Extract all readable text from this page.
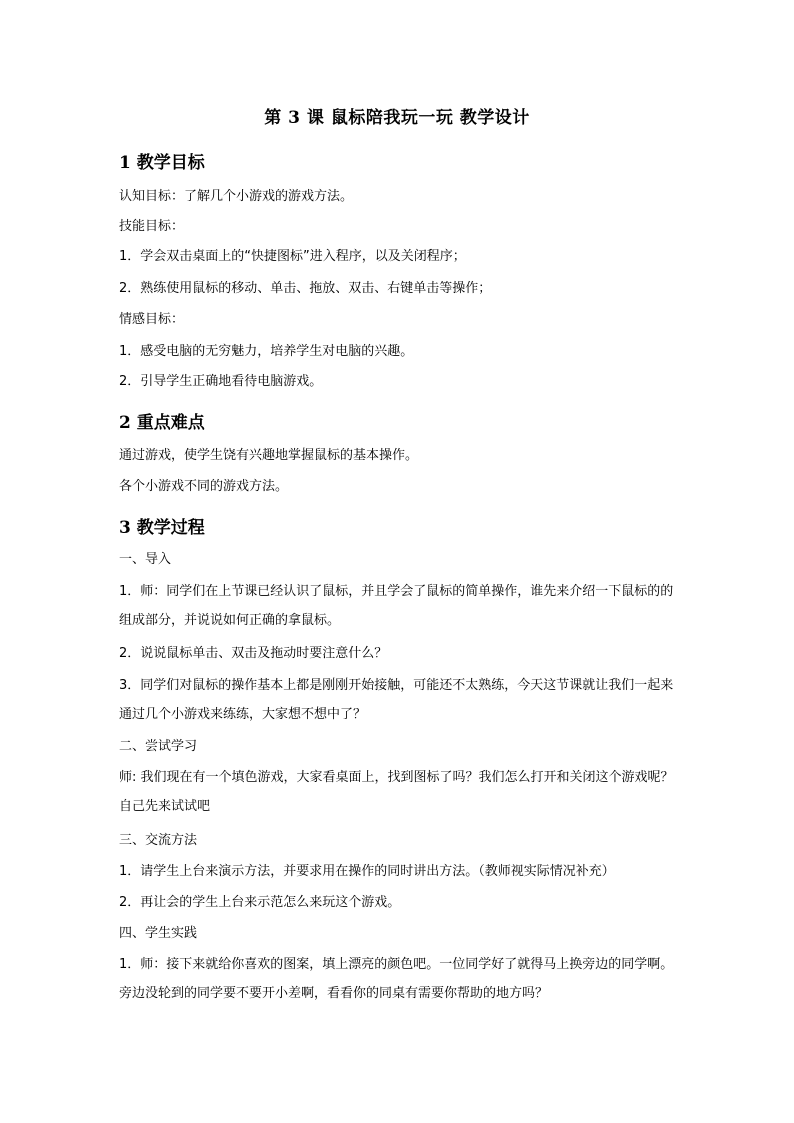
第 3 课 鼠标陪我玩一玩 教学设计
1 教学目标
认知目标：了解几个小游戏的游戏方法。
技能目标：
1．学会双击桌面上的“快捷图标”进入程序，以及关闭程序；
2．熟练使用鼠标的移动、单击、拖放、双击、右键单击等操作；
情感目标：
1．感受电脑的无穷魅力，培养学生对电脑的兴趣。
2．引导学生正确地看待电脑游戏。
2 重点难点
通过游戏，使学生饶有兴趣地掌握鼠标的基本操作。
各个小游戏不同的游戏方法。
3 教学过程
一、导入
1．师：同学们在上节课已经认识了鼠标，并且学会了鼠标的简单操作，谁先来介绍一下鼠标的的组成部分，并说说如何正确的拿鼠标。
2．说说鼠标单击、双击及拖动时要注意什么？
3．同学们对鼠标的操作基本上都是刚刚开始接触，可能还不太熟练，今天这节课就让我们一起来通过几个小游戏来练练，大家想不想中了？
二、尝试学习
师: 我们现在有一个填色游戏，大家看桌面上，找到图标了吗？我们怎么打开和关闭这个游戏呢？自己先来试试吧
三、交流方法
1．请学生上台来演示方法，并要求用在操作的同时讲出方法。（教师视实际情况补充）
2．再让会的学生上台来示范怎么来玩这个游戏。
四、学生实践
1．师：接下来就给你喜欢的图案，填上漂亮的颜色吧。一位同学好了就得马上换旁边的同学啊。旁边没轮到的同学要不要开小差啊，看看你的同桌有需要你帮助的地方吗？
